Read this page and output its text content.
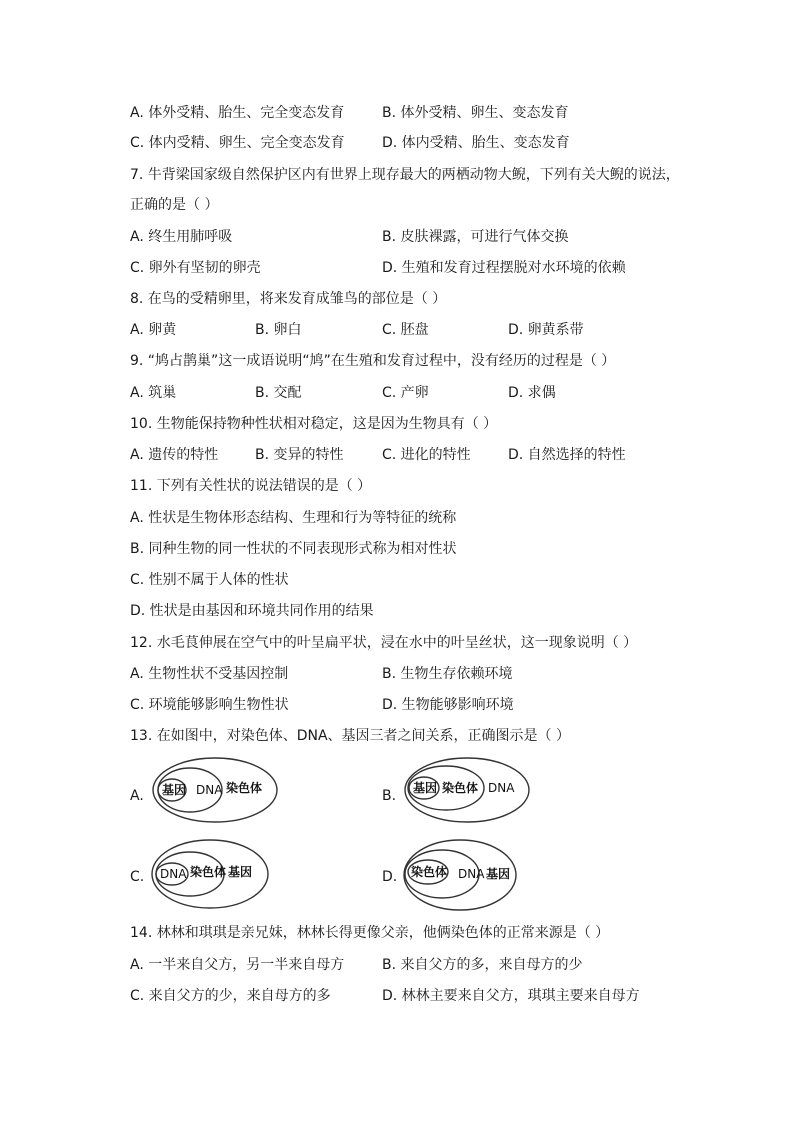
A. 体外受精、胎生、完全变态发育	B. 体外受精、卵生、变态发育
C. 体内受精、卵生、完全变态发育	D. 体内受精、胎生、变态发育
7. 牛背梁国家级自然保护区内有世界上现存最大的两栖动物大鲵，下列有关大鲵的说法，
正确的是（ ）
A. 终生用肺呼吸	B. 皮肤裸露，可进行气体交换
C. 卵外有坚韧的卵壳	D. 生殖和发育过程摆脱对水环境的依赖
8. 在鸟的受精卵里，将来发育成雏鸟的部位是（ ）
A. 卵黄	B. 卵白	C. 胚盘	D. 卵黄系带
9. “鸠占鹊巢”这一成语说明“鸠”在生殖和发育过程中，没有经历的过程是（ ）
A. 筑巢	B. 交配	C. 产卵	D. 求偶
10. 生物能保持物种性状相对稳定，这是因为生物具有（ ）
A. 遗传的特性	B. 变异的特性	C. 进化的特性	D. 自然选择的特性
11. 下列有关性状的说法错误的是（ ）
A. 性状是生物体形态结构、生理和行为等特征的统称
B. 同种生物的同一性状的不同表现形式称为相对性状
C. 性别不属于人体的性状
D. 性状是由基因和环境共同作用的结果
12. 水毛茛伸展在空气中的叶呈扁平状，浸在水中的叶呈丝状，这一现象说明（ ）
A. 生物性状不受基因控制	B. 生物生存依赖环境
C. 环境能够影响生物性状	D. 生物能够影响环境
13. 在如图中，对染色体、DNA、基因三者之间关系，正确图示是（ ）
A. 基因 DNA 染色体	B. 基因 染色体 DNA
C. DNA 染色体 基因	D. 染色体 DNA 基因
14. 林林和琪琪是亲兄妹，林林长得更像父亲，他俩染色体的正常来源是（ ）
A. 一半来自父方，另一半来自母方	B. 来自父方的多，来自母方的少
C. 来自父方的少，来自母方的多	D. 林林主要来自父方，琪琪主要来自母方
